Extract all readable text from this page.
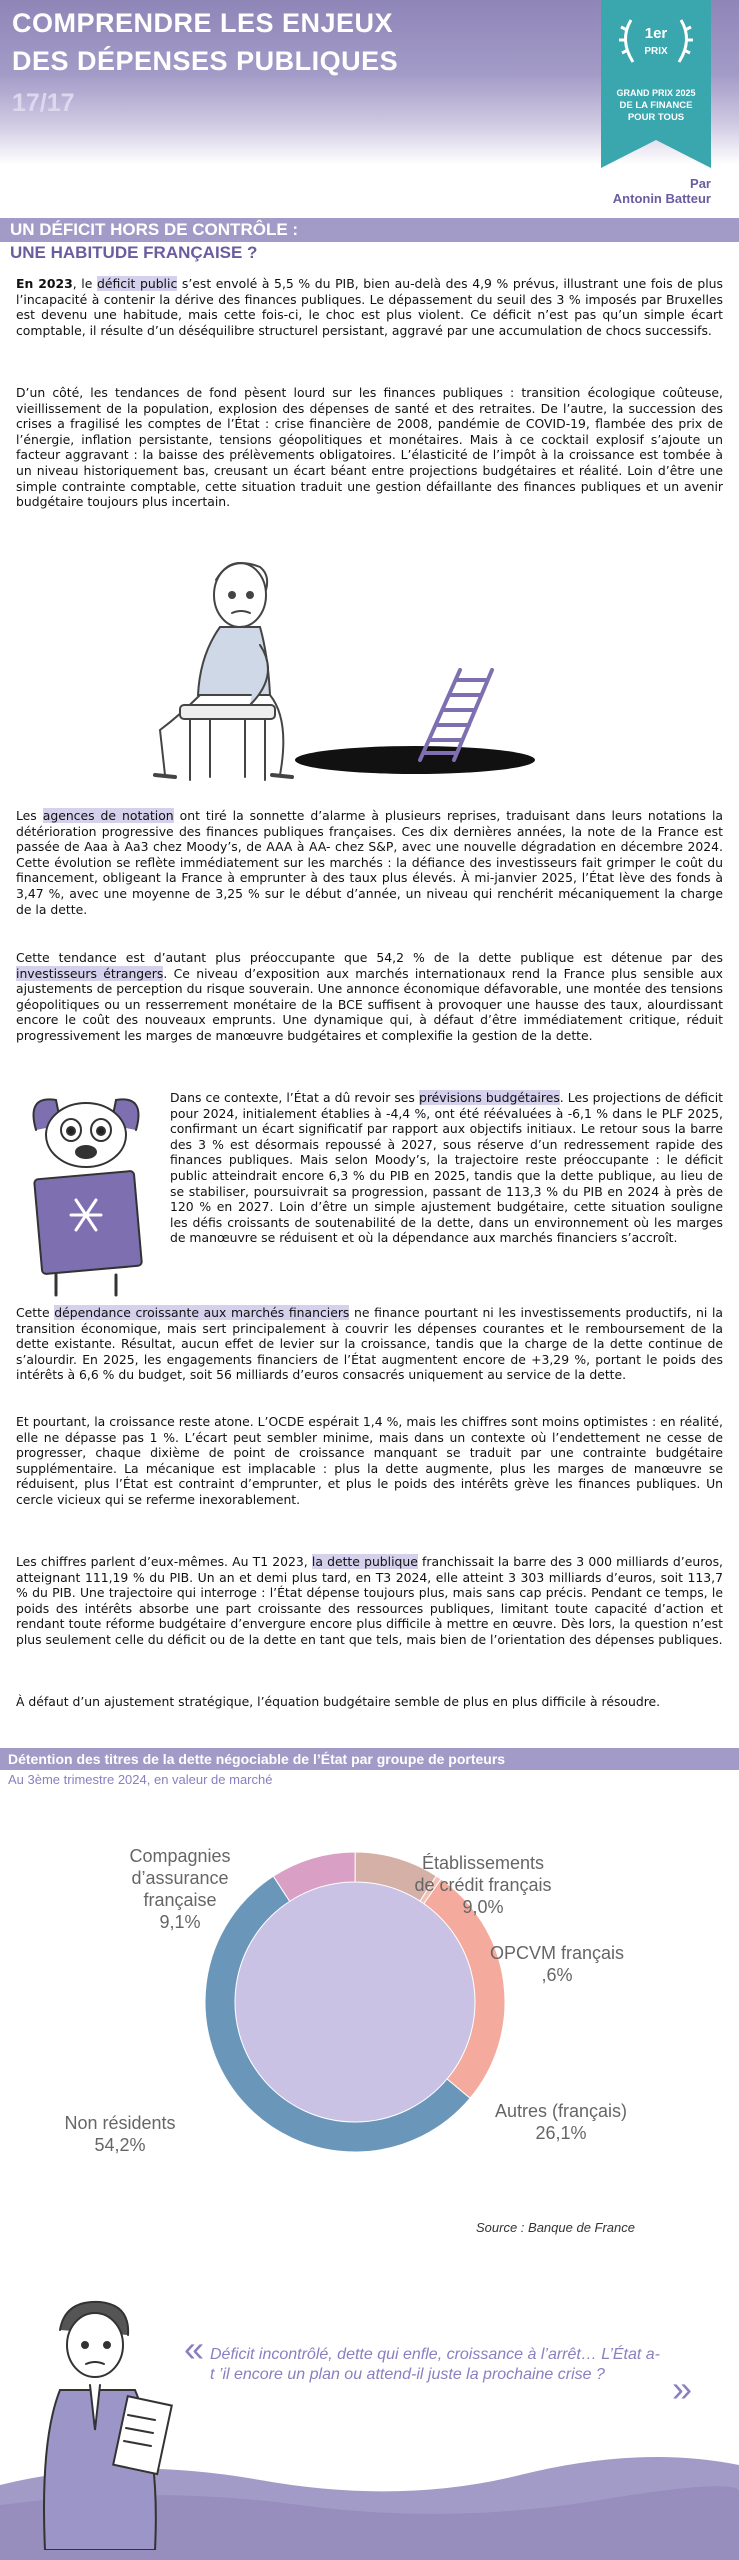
COMPRENDRE LES ENJEUX
DES DÉPENSES PUBLIQUES
17/17
1er
PRIX
GRAND PRIX 2025
DE LA FINANCE
POUR TOUS
Par
Antonin Batteur
UN DÉFICIT HORS DE CONTRÔLE :
UNE HABITUDE FRANÇAISE ?

En 2023, le déficit public s’est envolé à 5,5 % du PIB, bien au-delà des 4,9 % prévus, illustrant une fois de plus l’incapacité à contenir la dérive des finances publiques. Le dépassement du seuil des 3 % imposés par Bruxelles est devenu une habitude, mais cette fois-ci, le choc est plus violent. Ce déficit n’est pas qu’un simple écart comptable, il résulte d’un déséquilibre structurel persistant, aggravé par une accumulation de chocs successifs.

D’un côté, les tendances de fond pèsent lourd sur les finances publiques : transition écologique coûteuse, vieillissement de la population, explosion des dépenses de santé et des retraites. De l’autre, la succession des crises a fragilisé les comptes de l’État : crise financière de 2008, pandémie de COVID-19, flambée des prix de l’énergie, inflation persistante, tensions géopolitiques et monétaires. Mais à ce cocktail explosif s’ajoute un facteur aggravant : la baisse des prélèvements obligatoires. L’élasticité de l’impôt à la croissance est tombée à un niveau historiquement bas, creusant un écart béant entre projections budgétaires et réalité. Loin d’être une simple contrainte comptable, cette situation traduit une gestion défaillante des finances publiques et un avenir budgétaire toujours plus incertain.

Les agences de notation ont tiré la sonnette d’alarme à plusieurs reprises, traduisant dans leurs notations la détérioration progressive des finances publiques françaises. Ces dix dernières années, la note de la France est passée de Aaa à Aa3 chez Moody’s, de AAA à AA- chez S&P, avec une nouvelle dégradation en décembre 2024. Cette évolution se reflète immédiatement sur les marchés : la défiance des investisseurs fait grimper le coût du financement, obligeant la France à emprunter à des taux plus élevés. À mi-janvier 2025, l’État lève des fonds à 3,47 %, avec une moyenne de 3,25 % sur le début d’année, un niveau qui renchérit mécaniquement la charge de la dette.

Cette tendance est d’autant plus préoccupante que 54,2 % de la dette publique est détenue par des investisseurs étrangers. Ce niveau d’exposition aux marchés internationaux rend la France plus sensible aux ajustements de perception du risque souverain. Une annonce économique défavorable, une montée des tensions géopolitiques ou un resserrement monétaire de la BCE suffisent à provoquer une hausse des taux, alourdissant encore le coût des nouveaux emprunts. Une dynamique qui, à défaut d’être immédiatement critique, réduit progressivement les marges de manœuvre budgétaires et complexifie la gestion de la dette.

Dans ce contexte, l’État a dû revoir ses prévisions budgétaires. Les projections de déficit pour 2024, initialement établies à -4,4 %, ont été réévaluées à -6,1 % dans le PLF 2025, confirmant un écart significatif par rapport aux objectifs initiaux. Le retour sous la barre des 3 % est désormais repoussé à 2027, sous réserve d’un redressement rapide des finances publiques. Mais selon Moody’s, la trajectoire reste préoccupante : le déficit public atteindrait encore 6,3 % du PIB en 2025, tandis que la dette publique, au lieu de se stabiliser, poursuivrait sa progression, passant de 113,3 % du PIB en 2024 à près de 120 % en 2027. Loin d’être un simple ajustement budgétaire, cette situation souligne les défis croissants de soutenabilité de la dette, dans un environnement où les marges de manœuvre se réduisent et où la dépendance aux marchés financiers s’accroît.

Cette dépendance croissante aux marchés financiers ne finance pourtant ni les investissements productifs, ni la transition économique, mais sert principalement à couvrir les dépenses courantes et le remboursement de la dette existante. Résultat, aucun effet de levier sur la croissance, tandis que la charge de la dette continue de s’alourdir. En 2025, les engagements financiers de l’État augmentent encore de +3,29 %, portant le poids des intérêts à 6,6 % du budget, soit 56 milliards d’euros consacrés uniquement au service de la dette.

Et pourtant, la croissance reste atone. L’OCDE espérait 1,4 %, mais les chiffres sont moins optimistes : en réalité, elle ne dépasse pas 1 %. L’écart peut sembler minime, mais dans un contexte où l’endettement ne cesse de progresser, chaque dixième de point de croissance manquant se traduit par une contrainte budgétaire supplémentaire. La mécanique est implacable : plus la dette augmente, plus les marges de manœuvre se réduisent, plus l’État est contraint d’emprunter, et plus le poids des intérêts grève les finances publiques. Un cercle vicieux qui se referme inexorablement.

Les chiffres parlent d’eux-mêmes. Au T1 2023, la dette publique franchissait la barre des 3 000 milliards d’euros, atteignant 111,19 % du PIB. Un an et demi plus tard, en T3 2024, elle atteint 3 303 milliards d’euros, soit 113,7 % du PIB. Une trajectoire qui interroge : l’État dépense toujours plus, mais sans cap précis. Pendant ce temps, le poids des intérêts absorbe une part croissante des ressources publiques, limitant toute capacité d’action et rendant toute réforme budgétaire d’envergure encore plus difficile à mettre en œuvre. Dès lors, la question n’est plus seulement celle du déficit ou de la dette en tant que tels, mais bien de l’orientation des dépenses publiques.

À défaut d’un ajustement stratégique, l’équation budgétaire semble de plus en plus difficile à résoudre.

Détention des titres de la dette négociable de l’État par groupe de porteurs
Au 3ème trimestre 2024, en valeur de marché
Compagnies
d’assurance
française
9,1%
Établissements
de crédit français
9,0%
OPCVM français
,6%
Autres (français)
26,1%
Non résidents
54,2%
Source : Banque de France
« Déficit incontrôlé, dette qui enfle, croissance à l’arrêt… L’État a-t ’il encore un plan ou attend-il juste la prochaine crise ?	»
